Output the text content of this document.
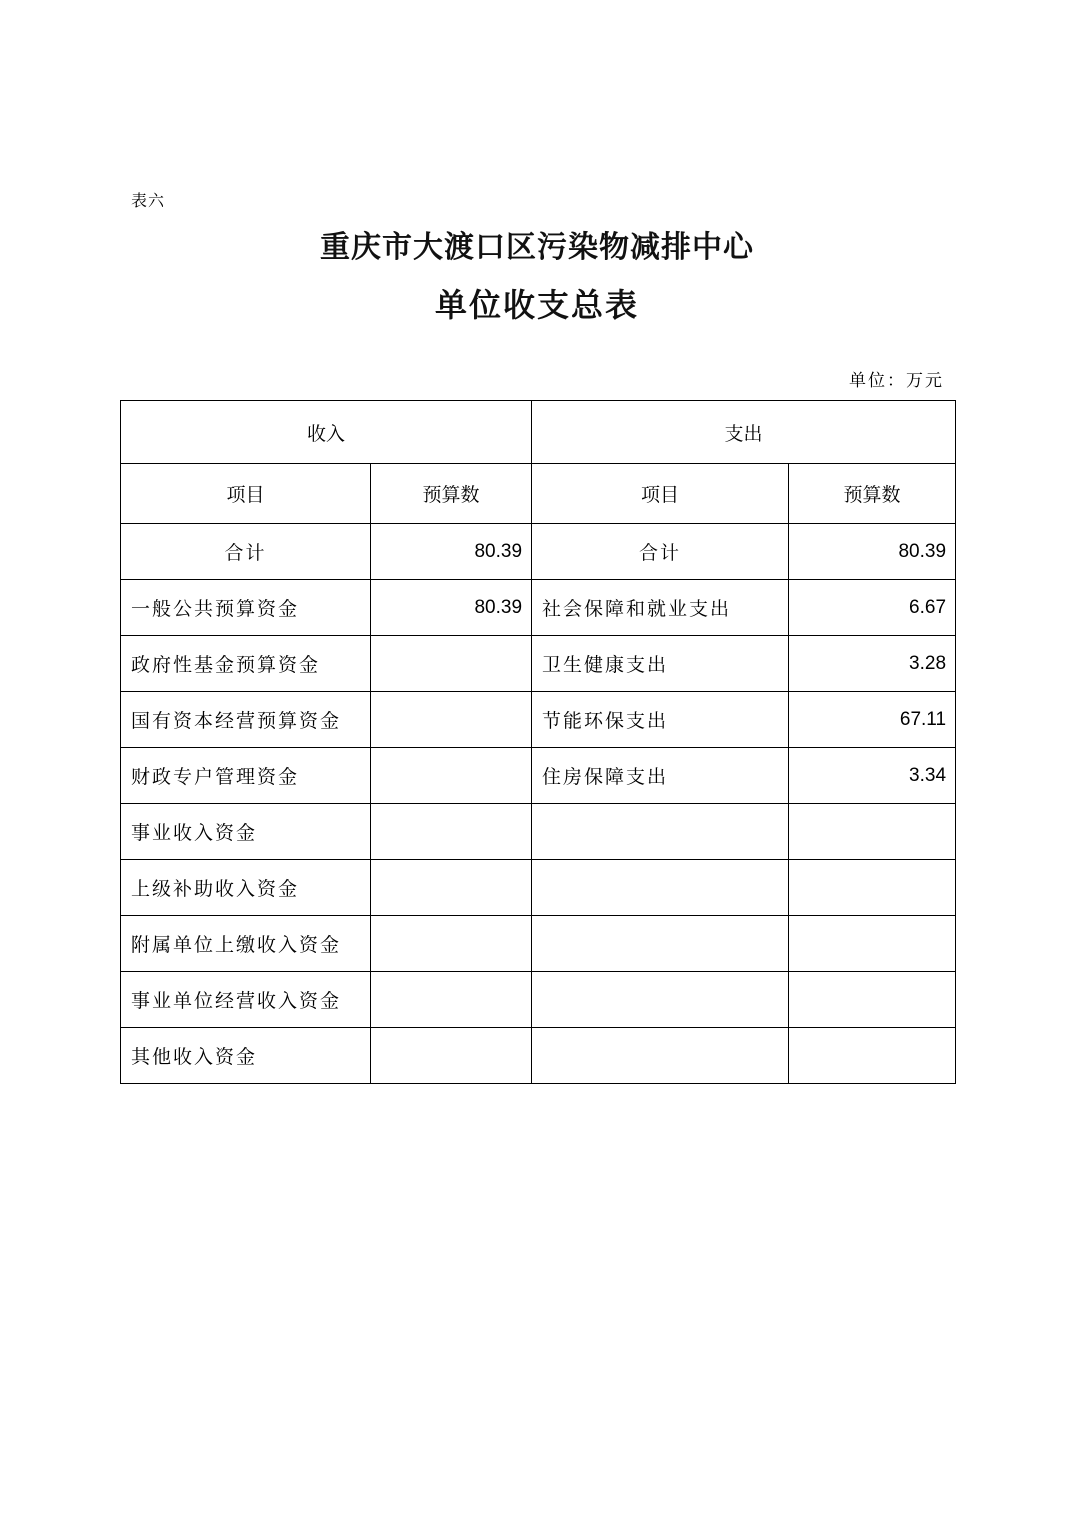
表六
重庆市大渡口区污染物减排中心
单位收支总表
单位：万元
收入		支出	
项目	预算数	项目	预算数
合计	80.39	合计	80.39
一般公共预算资金	80.39	社会保障和就业支出	6.67
政府性基金预算资金		卫生健康支出	3.28
国有资本经营预算资金		节能环保支出	67.11
财政专户管理资金		住房保障支出	3.34
事业收入资金			
上级补助收入资金			
附属单位上缴收入资金			
事业单位经营收入资金			
其他收入资金			
